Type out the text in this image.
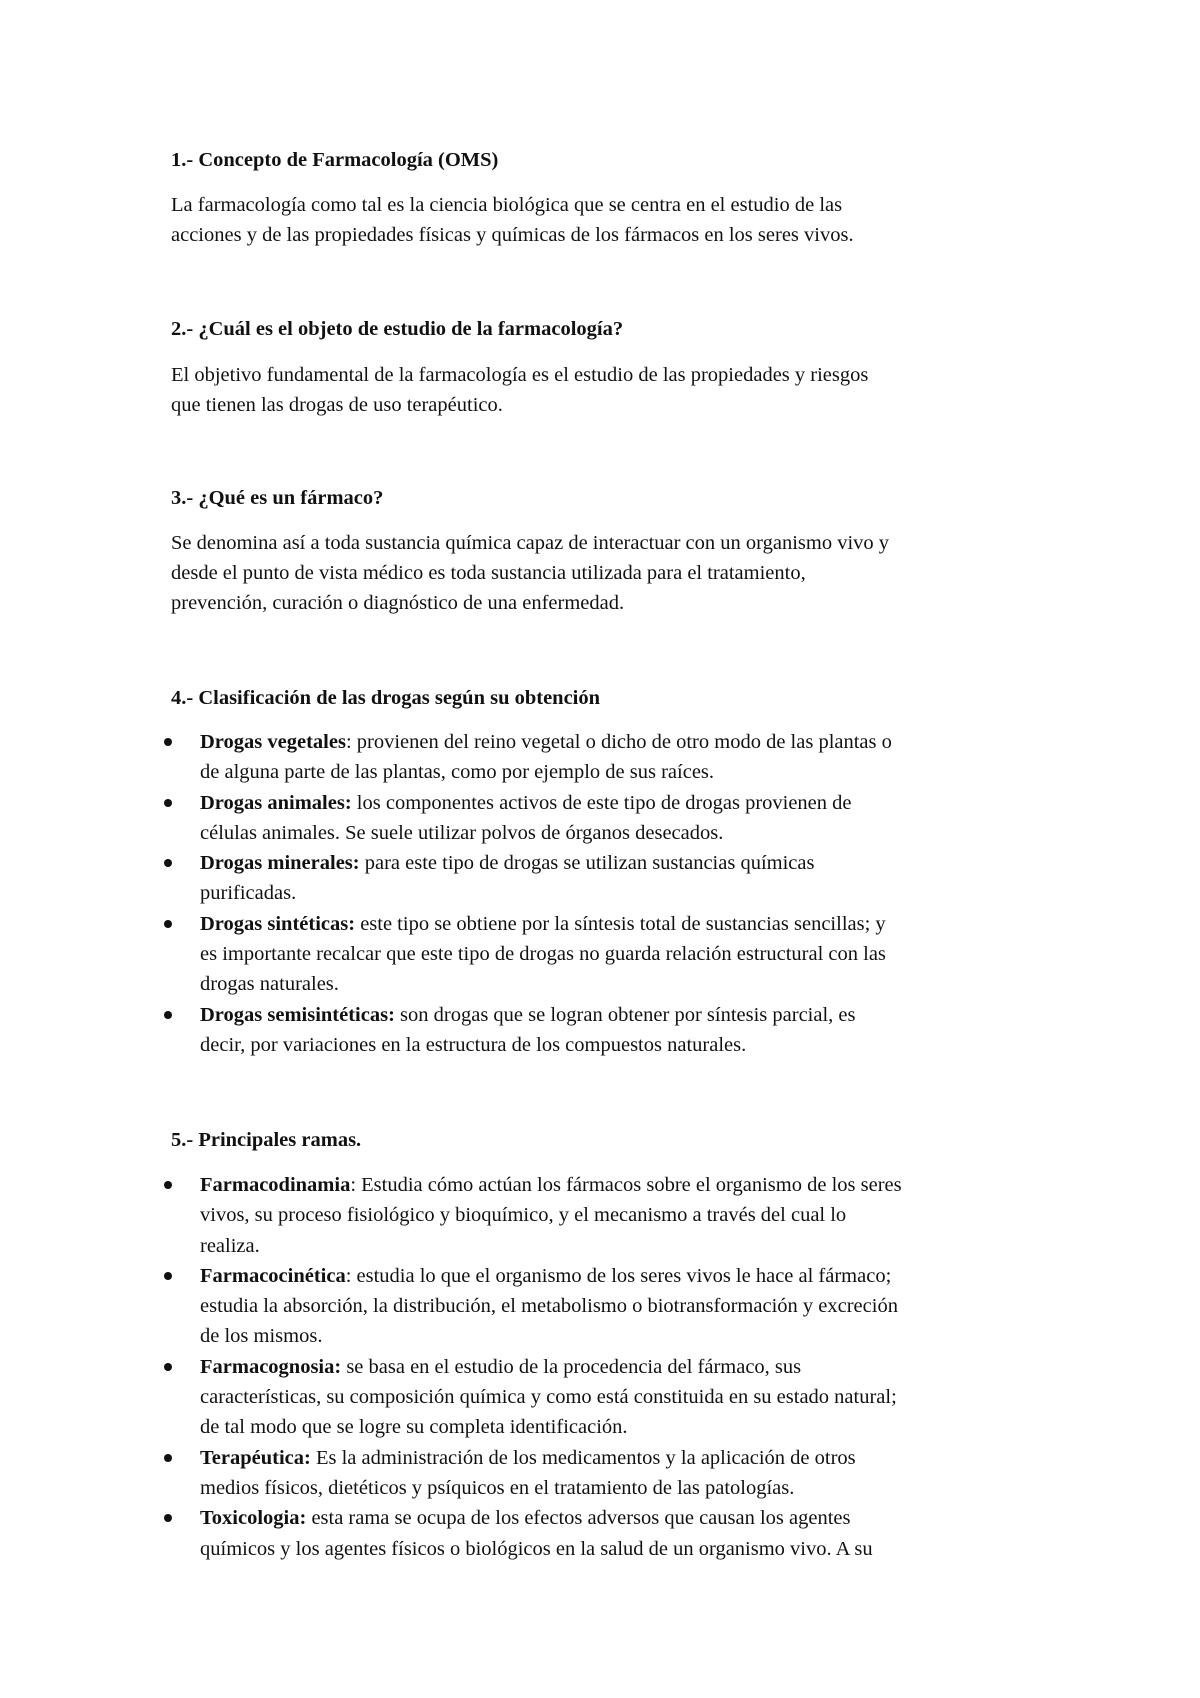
1.- Concepto de Farmacología (OMS)
La farmacología como tal es la ciencia biológica que se centra en el estudio de las
acciones y de las propiedades físicas y químicas de los fármacos en los seres vivos.
2.- ¿Cuál es el objeto de estudio de la farmacología?
El objetivo fundamental de la farmacología es el estudio de las propiedades y riesgos
que tienen las drogas de uso terapéutico.
3.- ¿Qué es un fármaco?
Se denomina así a toda sustancia química capaz de interactuar con un organismo vivo y
desde el punto de vista médico es toda sustancia utilizada para el tratamiento,
prevención, curación o diagnóstico de una enfermedad.
4.- Clasificación de las drogas según su obtención
Drogas vegetales: provienen del reino vegetal o dicho de otro modo de las plantas o
de alguna parte de las plantas, como por ejemplo de sus raíces.
Drogas animales: los componentes activos de este tipo de drogas provienen de
células animales. Se suele utilizar polvos de órganos desecados.
Drogas minerales: para este tipo de drogas se utilizan sustancias químicas
purificadas.
Drogas sintéticas: este tipo se obtiene por la síntesis total de sustancias sencillas; y
es importante recalcar que este tipo de drogas no guarda relación estructural con las
drogas naturales.
Drogas semisintéticas: son drogas que se logran obtener por síntesis parcial, es
decir, por variaciones en la estructura de los compuestos naturales.
5.- Principales ramas.
Farmacodinamia: Estudia cómo actúan los fármacos sobre el organismo de los seres
vivos, su proceso fisiológico y bioquímico, y el mecanismo a través del cual lo
realiza.
Farmacocinética: estudia lo que el organismo de los seres vivos le hace al fármaco;
estudia la absorción, la distribución, el metabolismo o biotransformación y excreción
de los mismos.
Farmacognosia: se basa en el estudio de la procedencia del fármaco, sus
características, su composición química y como está constituida en su estado natural;
de tal modo que se logre su completa identificación.
Terapéutica: Es la administración de los medicamentos y la aplicación de otros
medios físicos, dietéticos y psíquicos en el tratamiento de las patologías.
Toxicologia: esta rama se ocupa de los efectos adversos que causan los agentes
químicos y los agentes físicos o biológicos en la salud de un organismo vivo. A su
